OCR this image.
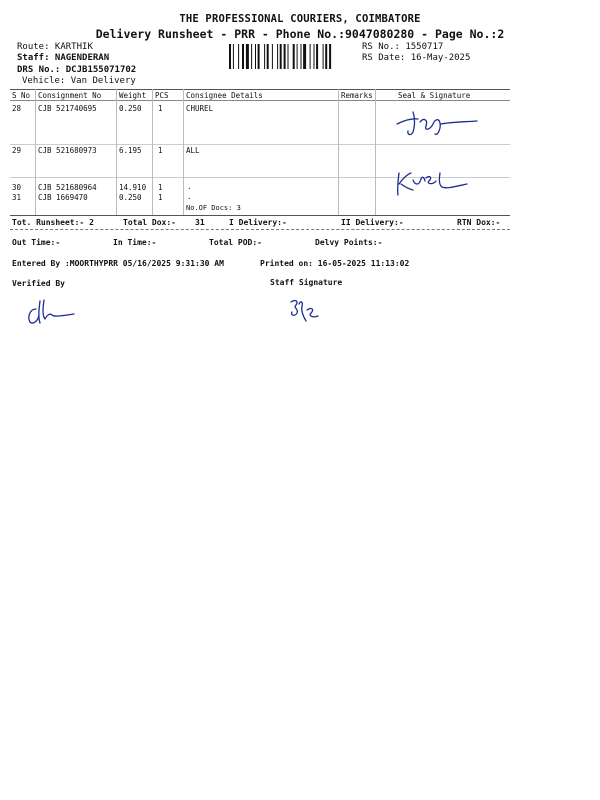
THE PROFESSIONAL COURIERS, COIMBATORE
Delivery Runsheet - PRR - Phone No.:9047080280 - Page No.:2
Route: KARTHIK
Staff: NAGENDERAN
DRS No.: DCJB155071702
Vehicle: Van Delivery
RS No.: 1550717
RS Date: 16-May-2025
S No Consignment No Weight PCS Consignee Details	Remarks	Seal & Signature
28 CJB 521740695	0.250 1	CHUREL
29 CJB 521680973	6.195 1	ALL
30 CJB 521680964	14.910 1	.
31 CJB 1669470	0.250 1	.
No.OF Docs: 3
Tot. Runsheet:- 2	Total Dox:- 31	I Delivery:-	II Delivery:-	RTN Dox:-
Out Time:-	In Time:-	Total POD:-	Delvy Points:-
Entered By :MOORTHYPRR 05/16/2025 9:31:30 AM	Printed on: 16-05-2025 11:13:02
Verified By	Staff Signature
